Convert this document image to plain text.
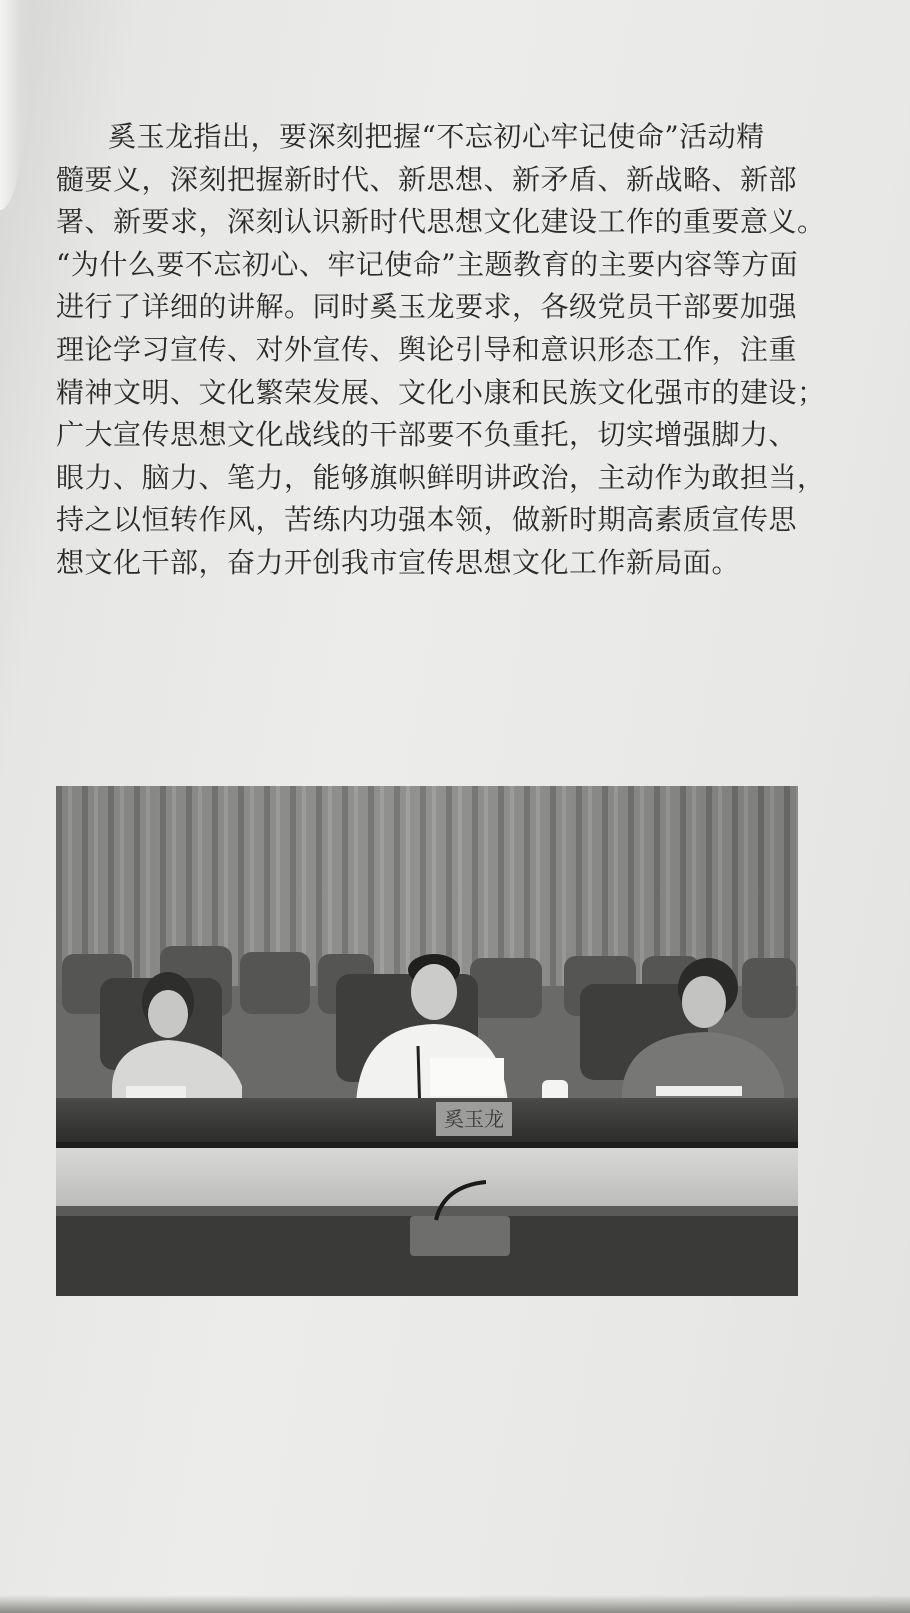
奚玉龙指出，要深刻把握“不忘初心牢记使命”活动精
髓要义，深刻把握新时代、新思想、新矛盾、新战略、新部
署、新要求，深刻认识新时代思想文化建设工作的重要意义。
“为什么要不忘初心、牢记使命”主题教育的主要内容等方面
进行了详细的讲解。同时奚玉龙要求，各级党员干部要加强
理论学习宣传、对外宣传、舆论引导和意识形态工作，注重
精神文明、文化繁荣发展、文化小康和民族文化强市的建设；
广大宣传思想文化战线的干部要不负重托，切实增强脚力、
眼力、脑力、笔力，能够旗帜鲜明讲政治，主动作为敢担当，
持之以恒转作风，苦练内功强本领，做新时期高素质宣传思
想文化干部，奋力开创我市宣传思想文化工作新局面。

奚玉龙
